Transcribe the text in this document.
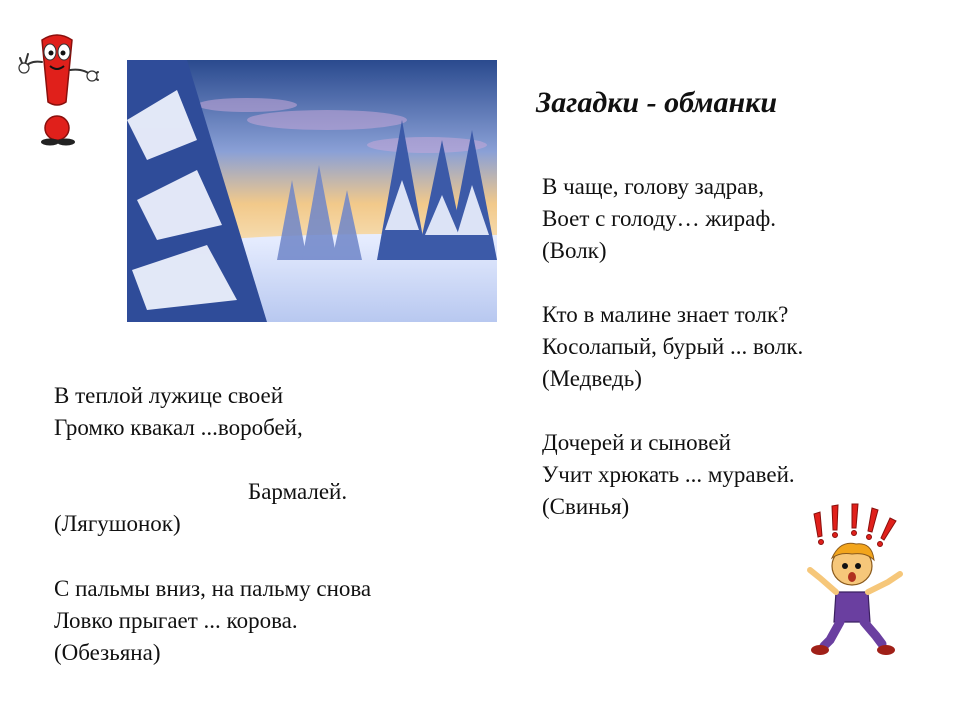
Загадки - обманки
В чаще, голову задрав,
Воет с голоду… жираф.
(Волк)
Кто в малине знает толк?
Косолапый, бурый ... волк.
(Медведь)
Дочерей и сыновей
Учит хрюкать ... муравей.
(Свинья)
В теплой лужице своей
Громко квакал ...воробей,
Бармалей.
(Лягушонок)
С пальмы вниз, на пальму снова
Ловко прыгает ... корова.
(Обезьяна)
